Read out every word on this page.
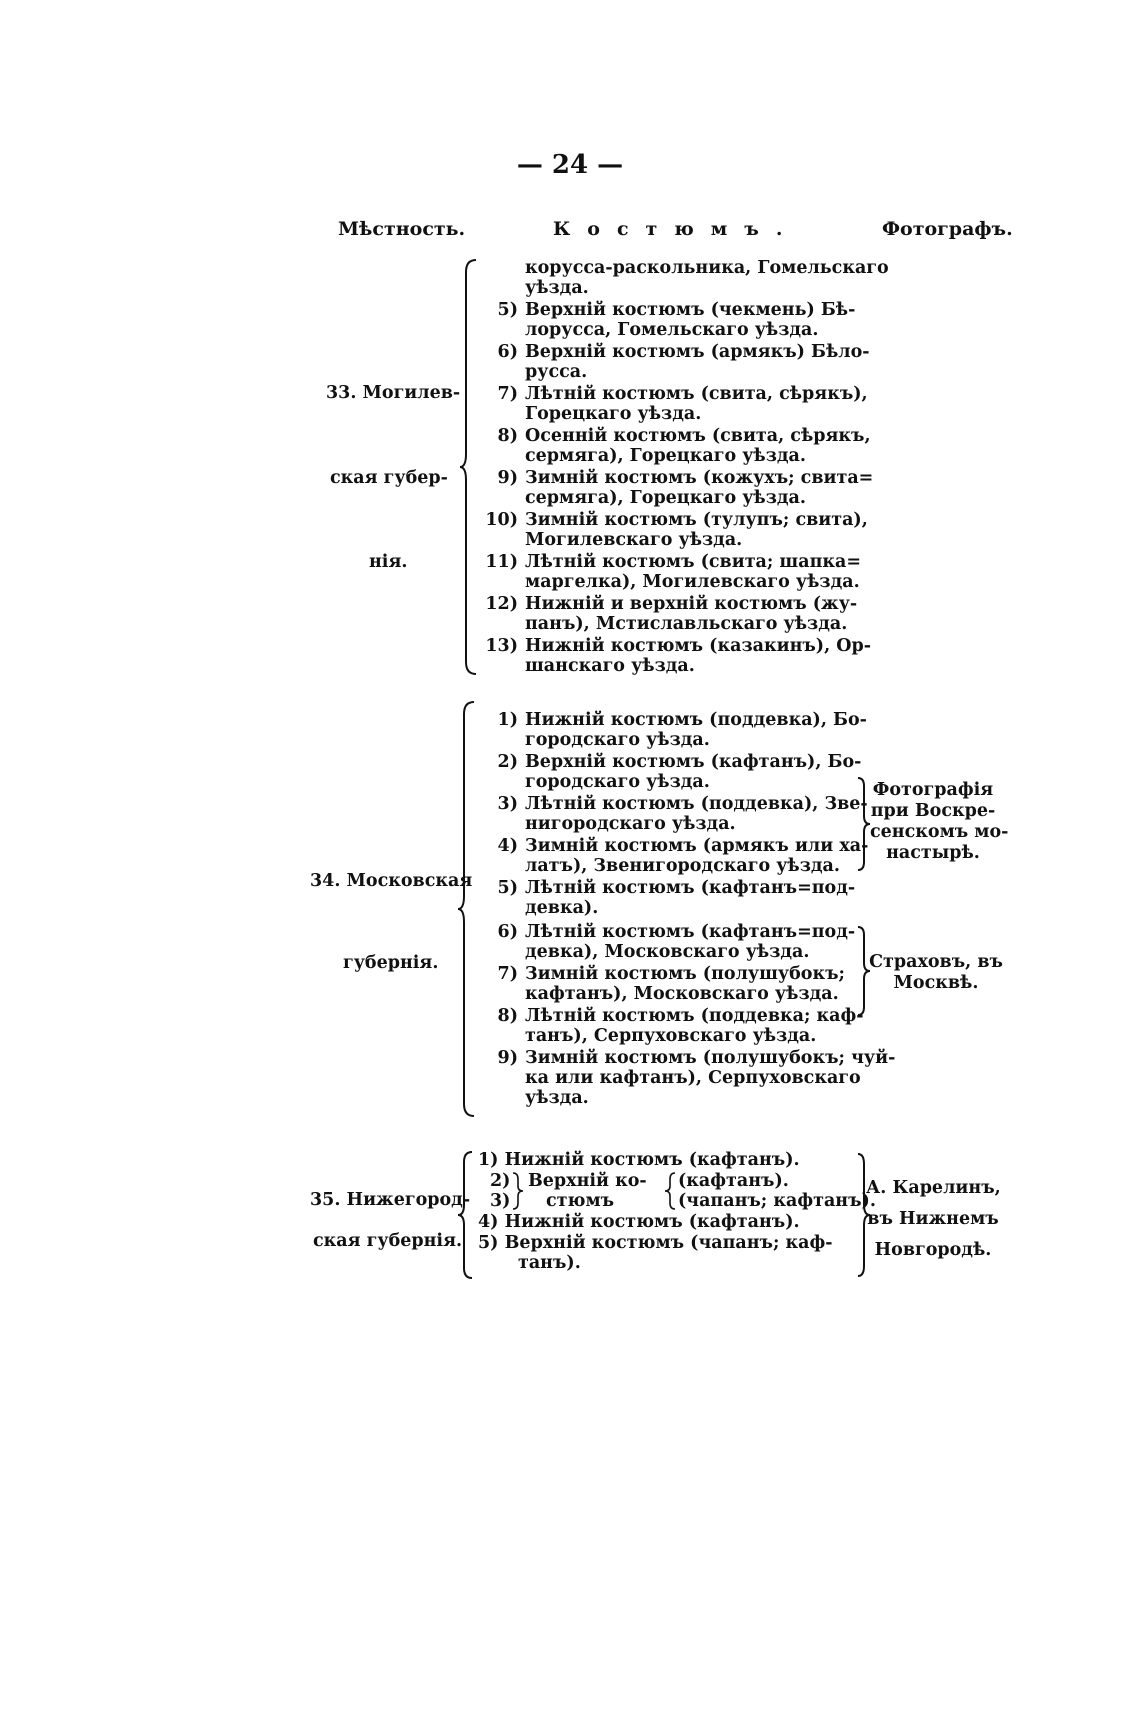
— 24 —
Мѣстность.	Костюмъ.	Фотографъ.
33. Могилев-
ская губер-
нія.
корусса-раскольника, Гомельскаго
уѣзда.
5) Верхній костюмъ (чекмень) Бѣ-
лорусса, Гомельскаго уѣзда.
6) Верхній костюмъ (армякъ) Бѣло-
русса.
7) Лѣтній костюмъ (свита, сѣрякъ),
Горецкаго уѣзда.
8) Осенній костюмъ (свита, сѣрякъ,
сермяга), Горецкаго уѣзда.
9) Зимній костюмъ (кожухъ; свита=
сермяга), Горецкаго уѣзда.
10) Зимній костюмъ (тулупъ; свита),
Могилевскаго уѣзда.
11) Лѣтній костюмъ (свита; шапка=
маргелка), Могилевскаго уѣзда.
12) Нижній и верхній костюмъ (жу-
панъ), Мстиславльскаго уѣзда.
13) Нижній костюмъ (казакинъ), Ор-
шанскаго уѣзда.
34. Московская
губернія.
1) Нижній костюмъ (поддевка), Бо-
городскаго уѣзда.
2) Верхній костюмъ (кафтанъ), Бо-
городскаго уѣзда.
3) Лѣтній костюмъ (поддевка), Зве-
нигородскаго уѣзда.
4) Зимній костюмъ (армякъ или ха-
латъ), Звенигородскаго уѣзда.
5) Лѣтній костюмъ (кафтанъ=под-
девка).
6) Лѣтній костюмъ (кафтанъ=под-
девка), Московскаго уѣзда.
7) Зимній костюмъ (полушубокъ;
кафтанъ), Московскаго уѣзда.
8) Лѣтній костюмъ (поддевка; каф-
танъ), Серпуховскаго уѣзда.
9) Зимній костюмъ (полушубокъ; чуй-
ка или кафтанъ), Серпуховскаго
уѣзда.
Фотографія
при Воскре-
сенскомъ мо-
настырѣ.
Страховъ, въ
Москвѣ.
35. Нижегород-
ская губернія.
1) Нижній костюмъ (кафтанъ).
2)
3)
Верхній ко-
стюмъ
(кафтанъ).
(чапанъ; кафтанъ).
4) Нижній костюмъ (кафтанъ).
5) Верхній костюмъ (чапанъ; каф-
танъ).
А. Карелинъ,
въ Нижнемъ
Новгородѣ.
